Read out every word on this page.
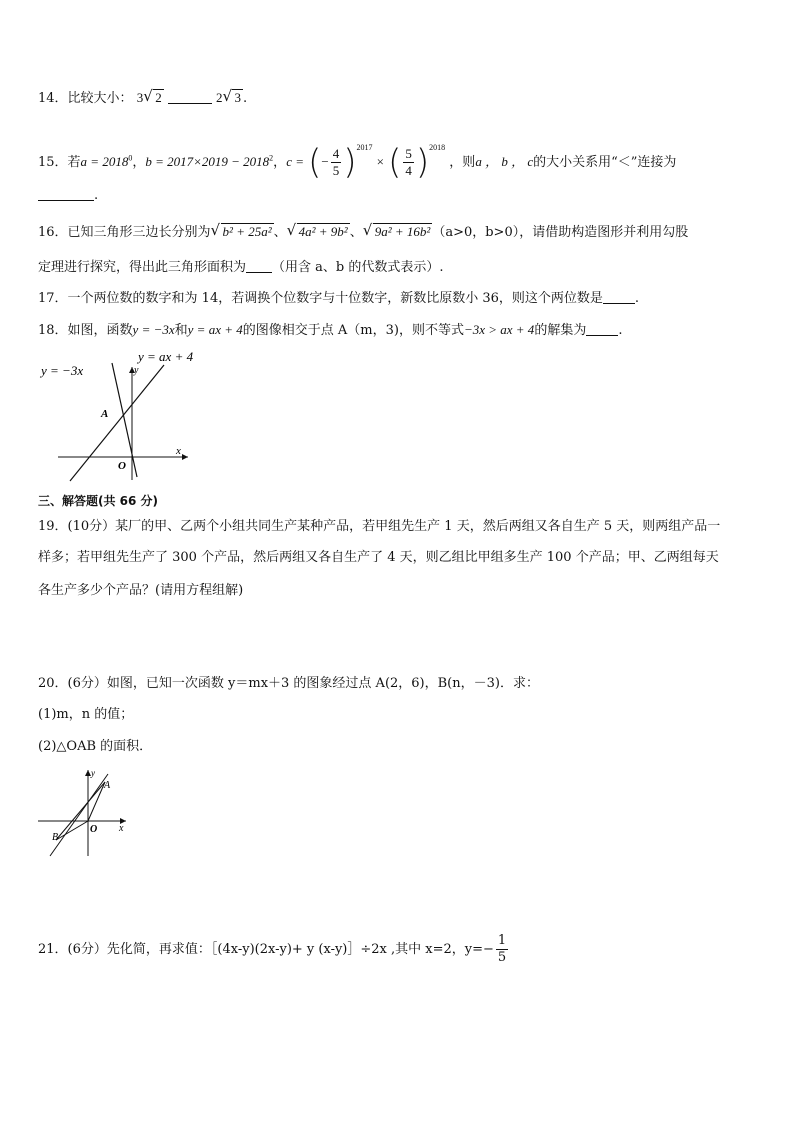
14．比较大小： 3 √ 2	2 √ 3 .
15．若$a = 2018^0$，$b = 2017\times 2019 - 2018^2$，c = (− $\frac{4}{5} )^{2017}$ × ( $\frac{5}{4} )^{2018}$ ，则a ， b ， c的大小关系用“＜”连接为
.
16．已知三角形三边长分别为 √ b² + 25a² 、 √ 4a² + 9b² 、 √ 9a² + 16b² （a>0，b>0），请借助构造图形并利用勾股
定理进行探究，得出此三角形面积为 （用含 a、b 的代数式表示）.
17．一个两位数的数字和为 14，若调换个位数字与十位数字，新数比原数小 36，则这个两位数是 .
18．如图，函数y = −3x和y = ax + 4的图像相交于点 A（m，3)，则不等式−3x > ax + 4的解集为 .
y = −3x
y = ax + 4
y
x
O
A
三、解答题(共 66 分)
19．(10分）某厂的甲、乙两个小组共同生产某种产品，若甲组先生产 1 天，然后两组又各自生产 5 天，则两组产品一
样多；若甲组先生产了 300 个产品，然后两组又各自生产了 4 天，则乙组比甲组多生产 100 个产品；甲、乙两组每天
各生产多少个产品？(请用方程组解)
20．(6分）如图，已知一次函数 y＝mx＋3 的图象经过点 A(2，6)，B(n，－3)．求：
(1)m，n 的值；
(2)△OAB 的面积．
y
x
O
A
B
21．(6分）先化简，再求值：［(4x-y)(2x-y)+ y (x-y)］÷2x ,其中 x=2，$y=- \frac{1}{5}$
